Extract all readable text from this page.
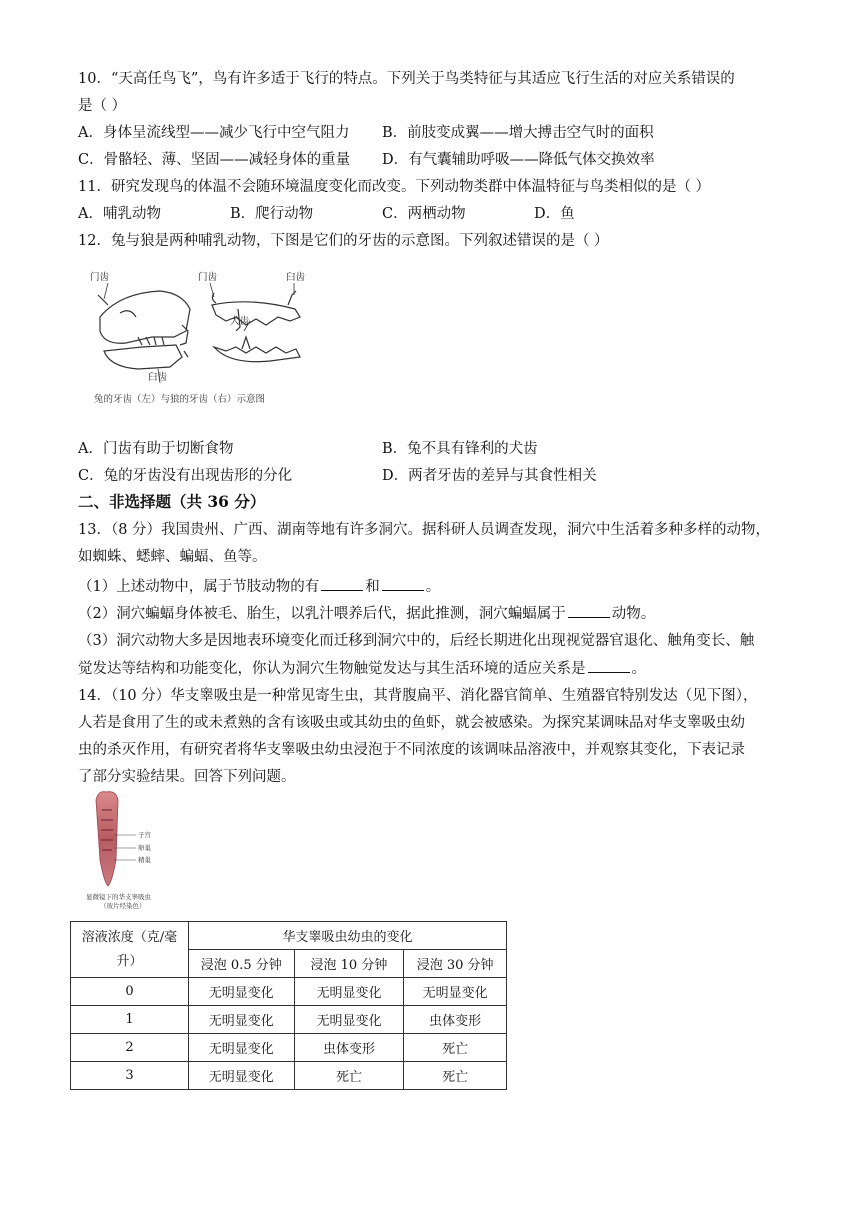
10．“天高任鸟飞”，鸟有许多适于飞行的特点。下列关于鸟类特征与其适应飞行生活的对应关系错误的
是（ ）
A．身体呈流线型——减少飞行中空气阻力 B．前肢变成翼——增大搏击空气时的面积
C．骨骼轻、薄、坚固——减轻身体的重量 D．有气囊辅助呼吸——降低气体交换效率
11．研究发现鸟的体温不会随环境温度变化而改变。下列动物类群中体温特征与鸟类相似的是（ ）
A．哺乳动物	B．爬行动物	C．两栖动物	D．鱼
12．兔与狼是两种哺乳动物，下图是它们的牙齿的示意图。下列叙述错误的是（ ）
门齿	门齿	臼齿
犬齿
臼齿
兔的牙齿（左）与狼的牙齿（右）示意图
A．门齿有助于切断食物	B．兔不具有锋利的犬齿
C．兔的牙齿没有出现齿形的分化	D．两者牙齿的差异与其食性相关
二、非选择题（共 36 分）
13．（8 分）我国贵州、广西、湖南等地有许多洞穴。据科研人员调查发现，洞穴中生活着多种多样的动物，
如蜘蛛、蟋蟀、蝙蝠、鱼等。
（1）上述动物中，属于节肢动物的有	和	。
（2）洞穴蝙蝠身体被毛、胎生，以乳汁喂养后代，据此推测，洞穴蝙蝠属于	动物。
（3）洞穴动物大多是因地表环境变化而迁移到洞穴中的，后经长期进化出现视觉器官退化、触角变长、触
觉发达等结构和功能变化，你认为洞穴生物触觉发达与其生活环境的适应关系是	。
14．（10 分）华支睾吸虫是一种常见寄生虫，其背腹扁平、消化器官简单、生殖器官特别发达（见下图），
人若是食用了生的或未煮熟的含有该吸虫或其幼虫的鱼虾，就会被感染。为探究某调味品对华支睾吸虫幼
虫的杀灭作用，有研究者将华支睾吸虫幼虫浸泡于不同浓度的该调味品溶液中，并观察其变化，下表记录
了部分实验结果。回答下列问题。
子宫
卵巢
精巢
显微镜下的华支睾吸虫
（玻片经染色）
溶液浓度（克/毫升）	华支睾吸虫幼虫的变化		
	浸泡 0.5 分钟	浸泡 10 分钟	浸泡 30 分钟
0	无明显变化	无明显变化	无明显变化
1	无明显变化	无明显变化	虫体变形
2	无明显变化	虫体变形	死亡
3	无明显变化	死亡	死亡
